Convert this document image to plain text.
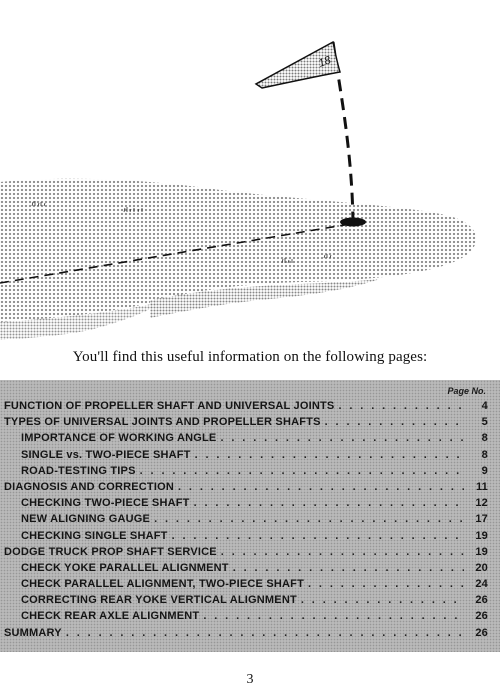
18
You'll find this useful information on the following pages:
Page No.
FUNCTION OF PROPELLER SHAFT AND UNIVERSAL JOINTS . . .	4
TYPES OF UNIVERSAL JOINTS AND PROPELLER SHAFTS . . .	5
IMPORTANCE OF WORKING ANGLE . . .	8
SINGLE vs. TWO-PIECE SHAFT . . .	8
ROAD-TESTING TIPS . . .	9
DIAGNOSIS AND CORRECTION . . .	11
CHECKING TWO-PIECE SHAFT . . .	12
NEW ALIGNING GAUGE . . .	17
CHECKING SINGLE SHAFT . . .	19
DODGE TRUCK PROP SHAFT SERVICE . . .	19
CHECK YOKE PARALLEL ALIGNMENT . . .	20
CHECK PARALLEL ALIGNMENT, TWO-PIECE SHAFT . . .	24
CORRECTING REAR YOKE VERTICAL ALIGNMENT . . .	26
CHECK REAR AXLE ALIGNMENT . . .	26
SUMMARY . . .	26
3
